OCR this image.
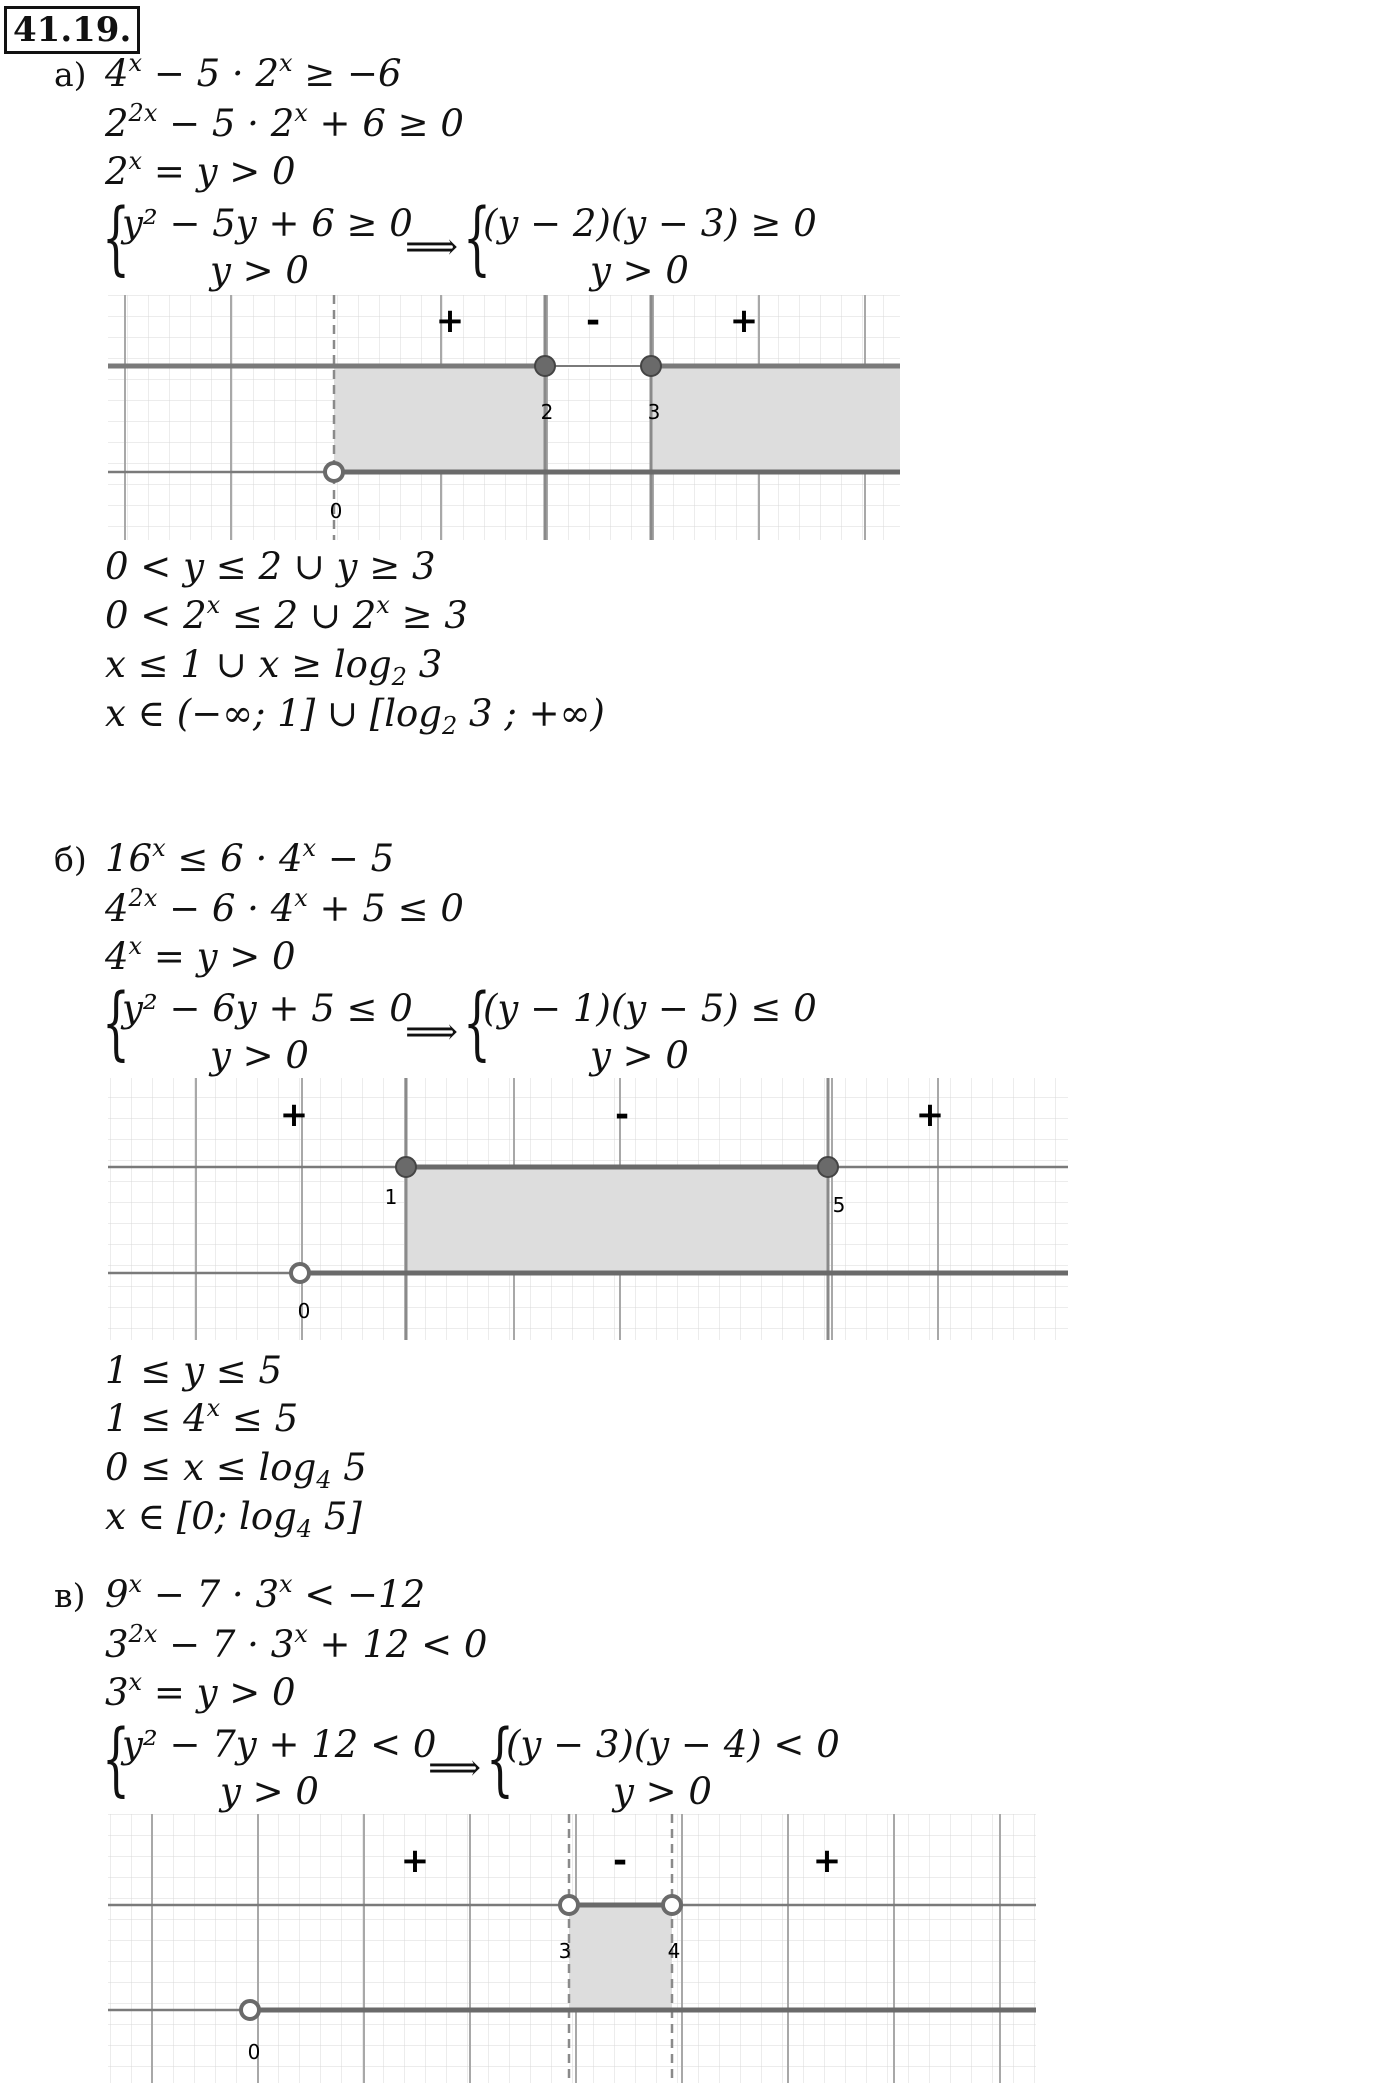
41.19.
а) $4^x - 5 \cdot 2^x \ge -6$
$2^{2x} - 5 \cdot 2^x + 6 \ge 0$
$2^x = y > 0$
{
y² − 5y + 6 ≥ 0
y > 0
⟹ {
(y − 2)(y − 3) ≥ 0
y > 0
+	-	+
2	3
0
0 < y ≤ 2 ∪ y ≥ 3
$0 < 2^x \le 2$ ∪ $2^x \ge 3$
x ≤ 1 ∪ $x \ge \log_2 3$
x ∈ (−∞; 1] ∪ [$\log_2$ 3 ; +∞)
б) $16^x \le 6 \cdot 4^x - 5$
$4^{2x} - 6 \cdot 4^x + 5 \le 0$
$4^x = y > 0$
{
y² − 6y + 5 ≤ 0
y > 0
⟹ {
(y − 1)(y − 5) ≤ 0
y > 0
+	-	+
1	5
0
1 ≤ y ≤ 5
$1 \le 4^x \le 5$
$0 \le x \le \log_4 5$
x ∈ [0; $\log_4 5$]
в) $9^x - 7 \cdot 3^x < -12$
$3^{2x} - 7 \cdot 3^x + 12 < 0$
$3^x = y > 0$
{
y² − 7y + 12 < 0
y > 0
⟹ {
(y − 3)(y − 4) < 0
y > 0
+	-	+
3	4
0
